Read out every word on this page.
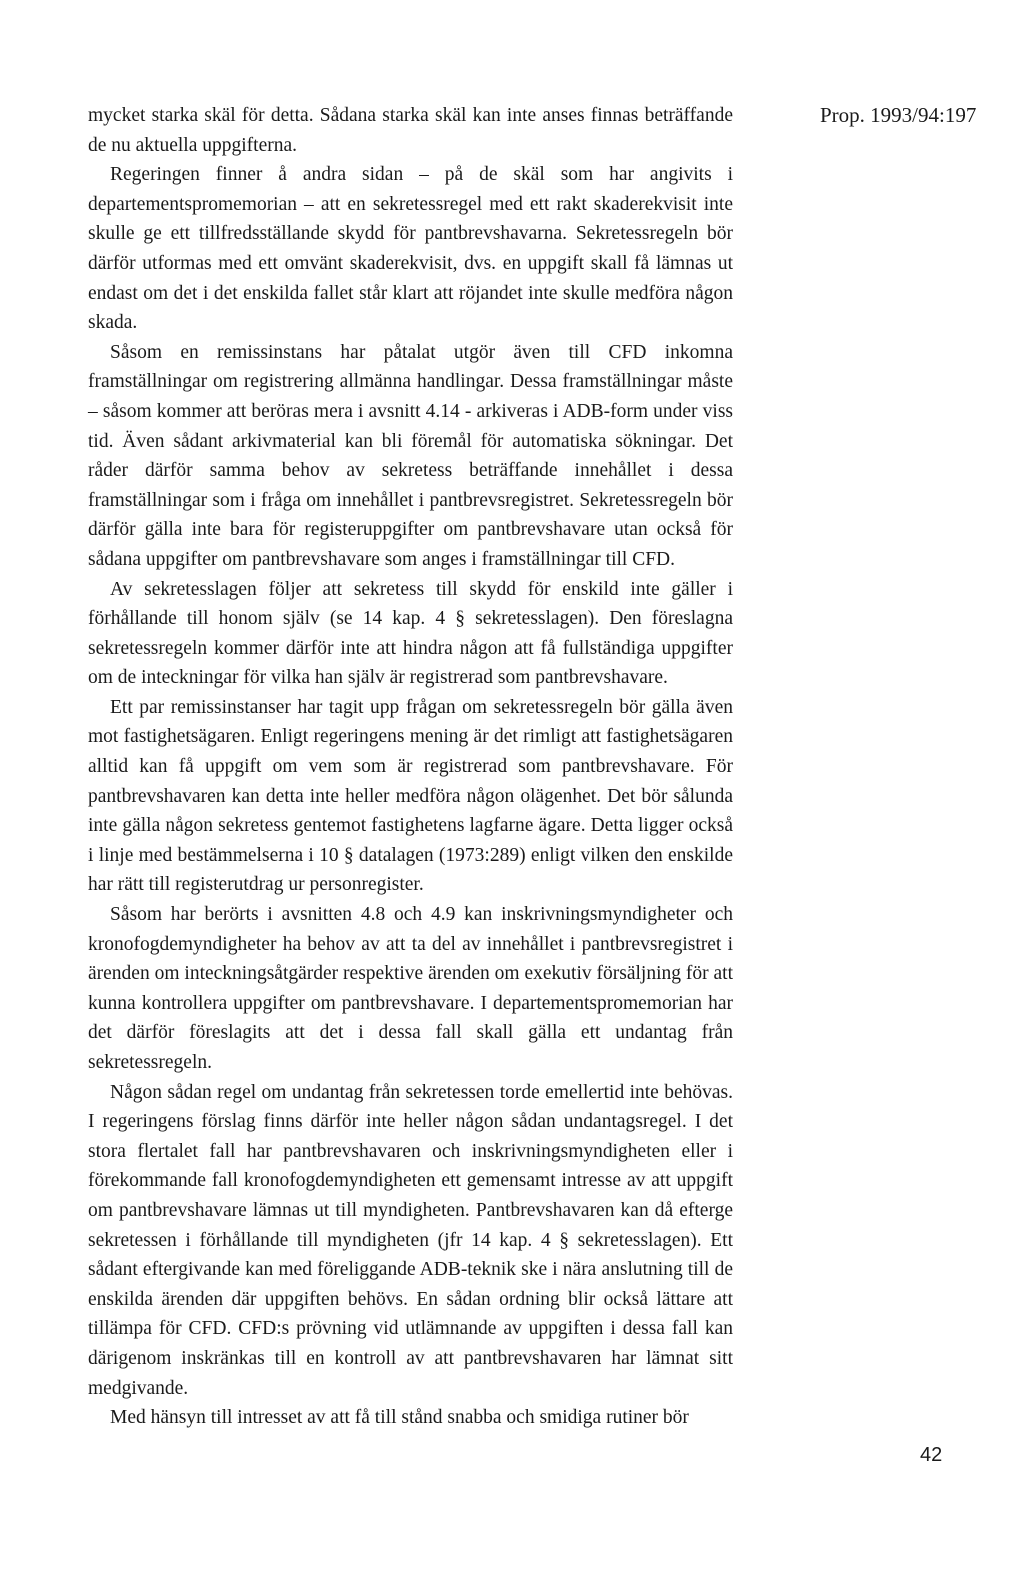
Prop. 1993/94:197

mycket starka skäl för detta. Sådana starka skäl kan inte anses finnas beträffande de nu aktuella uppgifterna.

Regeringen finner å andra sidan – på de skäl som har angivits i departementspromemorian – att en sekretessregel med ett rakt skaderekvisit inte skulle ge ett tillfredsställande skydd för pantbrevshavarna. Sekretessregeln bör därför utformas med ett omvänt skaderekvisit, dvs. en uppgift skall få lämnas ut endast om det i det enskilda fallet står klart att röjandet inte skulle medföra någon skada.

Såsom en remissinstans har påtalat utgör även till CFD inkomna framställningar om registrering allmänna handlingar. Dessa framställningar måste – såsom kommer att beröras mera i avsnitt 4.14 - arkiveras i ADB-form under viss tid. Även sådant arkivmaterial kan bli föremål för automatiska sökningar. Det råder därför samma behov av sekretess beträffande innehållet i dessa framställningar som i fråga om innehållet i pantbrevsregistret. Sekretessregeln bör därför gälla inte bara för registeruppgifter om pantbrevshavare utan också för sådana uppgifter om pantbrevshavare som anges i framställningar till CFD.

Av sekretesslagen följer att sekretess till skydd för enskild inte gäller i förhållande till honom själv (se 14 kap. 4 § sekretesslagen). Den föreslagna sekretessregeln kommer därför inte att hindra någon att få fullständiga uppgifter om de inteckningar för vilka han själv är registrerad som pantbrevshavare.

Ett par remissinstanser har tagit upp frågan om sekretessregeln bör gälla även mot fastighetsägaren. Enligt regeringens mening är det rimligt att fastighetsägaren alltid kan få uppgift om vem som är registrerad som pantbrevshavare. För pantbrevshavaren kan detta inte heller medföra någon olägenhet. Det bör sålunda inte gälla någon sekretess gentemot fastighetens lagfarne ägare. Detta ligger också i linje med bestämmelserna i 10 § datalagen (1973:289) enligt vilken den enskilde har rätt till registerutdrag ur personregister.

Såsom har berörts i avsnitten 4.8 och 4.9 kan inskrivningsmyndigheter och kronofogdemyndigheter ha behov av att ta del av innehållet i pantbrevsregistret i ärenden om inteckningsåtgärder respektive ärenden om exekutiv försäljning för att kunna kontrollera uppgifter om pantbrevshavare. I departementspromemorian har det därför föreslagits att det i dessa fall skall gälla ett undantag från sekretessregeln.

Någon sådan regel om undantag från sekretessen torde emellertid inte behövas. I regeringens förslag finns därför inte heller någon sådan undantagsregel. I det stora flertalet fall har pantbrevshavaren och inskrivningsmyndigheten eller i förekommande fall kronofogdemyndigheten ett gemensamt intresse av att uppgift om pantbrevshavare lämnas ut till myndigheten. Pantbrevshavaren kan då efterge sekretessen i förhållande till myndigheten (jfr 14 kap. 4 § sekretesslagen). Ett sådant eftergivande kan med föreliggande ADB-teknik ske i nära anslutning till de enskilda ärenden där uppgiften behövs. En sådan ordning blir också lättare att tillämpa för CFD. CFD:s prövning vid utlämnande av uppgiften i dessa fall kan därigenom inskränkas till en kontroll av att pantbrevshavaren har lämnat sitt medgivande.

Med hänsyn till intresset av att få till stånd snabba och smidiga rutiner bör

42
